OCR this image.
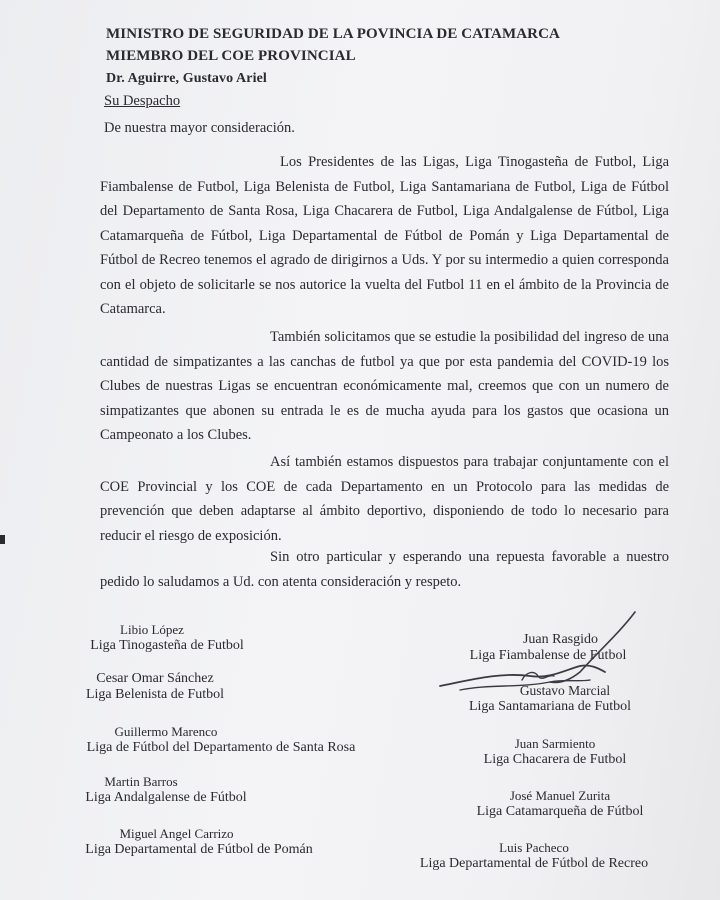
MINISTRO DE SEGURIDAD DE LA POVINCIA DE CATAMARCA
MIEMBRO DEL COE PROVINCIAL
Dr. Aguirre, Gustavo Ariel
Su Despacho
De nuestra mayor consideración.
Los Presidentes de las Ligas, Liga Tinogasteña de Futbol, Liga Fiambalense de Futbol, Liga Belenista de Futbol, Liga Santamariana de Futbol, Liga de Fútbol del Departamento de Santa Rosa, Liga Chacarera de Futbol, Liga Andalgalense de Fútbol, Liga Catamarqueña de Fútbol, Liga Departamental de Fútbol de Pomán y Liga Departamental de Fútbol de Recreo tenemos el agrado de dirigirnos a Uds. Y por su intermedio a quien corresponda con el objeto de solicitarle se nos autorice la vuelta del Futbol 11 en el ámbito de la Provincia de Catamarca.
También solicitamos que se estudie la posibilidad del ingreso de una cantidad de simpatizantes a las canchas de futbol ya que por esta pandemia del COVID-19 los Clubes de nuestras Ligas se encuentran económicamente mal, creemos que con un numero de simpatizantes que abonen su entrada le es de mucha ayuda para los gastos que ocasiona un Campeonato a los Clubes.
Así también estamos dispuestos para trabajar conjuntamente con el COE Provincial y los COE de cada Departamento en un Protocolo para las medidas de prevención que deben adaptarse al ámbito deportivo, disponiendo de todo lo necesario para reducir el riesgo de exposición.
Sin otro particular y esperando una repuesta favorable a nuestro pedido lo saludamos a Ud. con atenta consideración y respeto.
Libio López
Liga Tinogasteña de Futbol
Cesar Omar Sánchez
Liga Belenista de Futbol
Guillermo Marenco
Liga de Fútbol del Departamento de Santa Rosa
Martin Barros
Liga Andalgalense de Fútbol
Miguel Angel Carrizo
Liga Departamental de Fútbol de Pomán
Juan Rasgido
Liga Fiambalense de Futbol
Gustavo Marcial
Liga Santamariana de Futbol
Juan Sarmiento
Liga Chacarera de Futbol
José Manuel Zurita
Liga Catamarqueña de Fútbol
Luis Pacheco
Liga Departamental de Fútbol de Recreo
